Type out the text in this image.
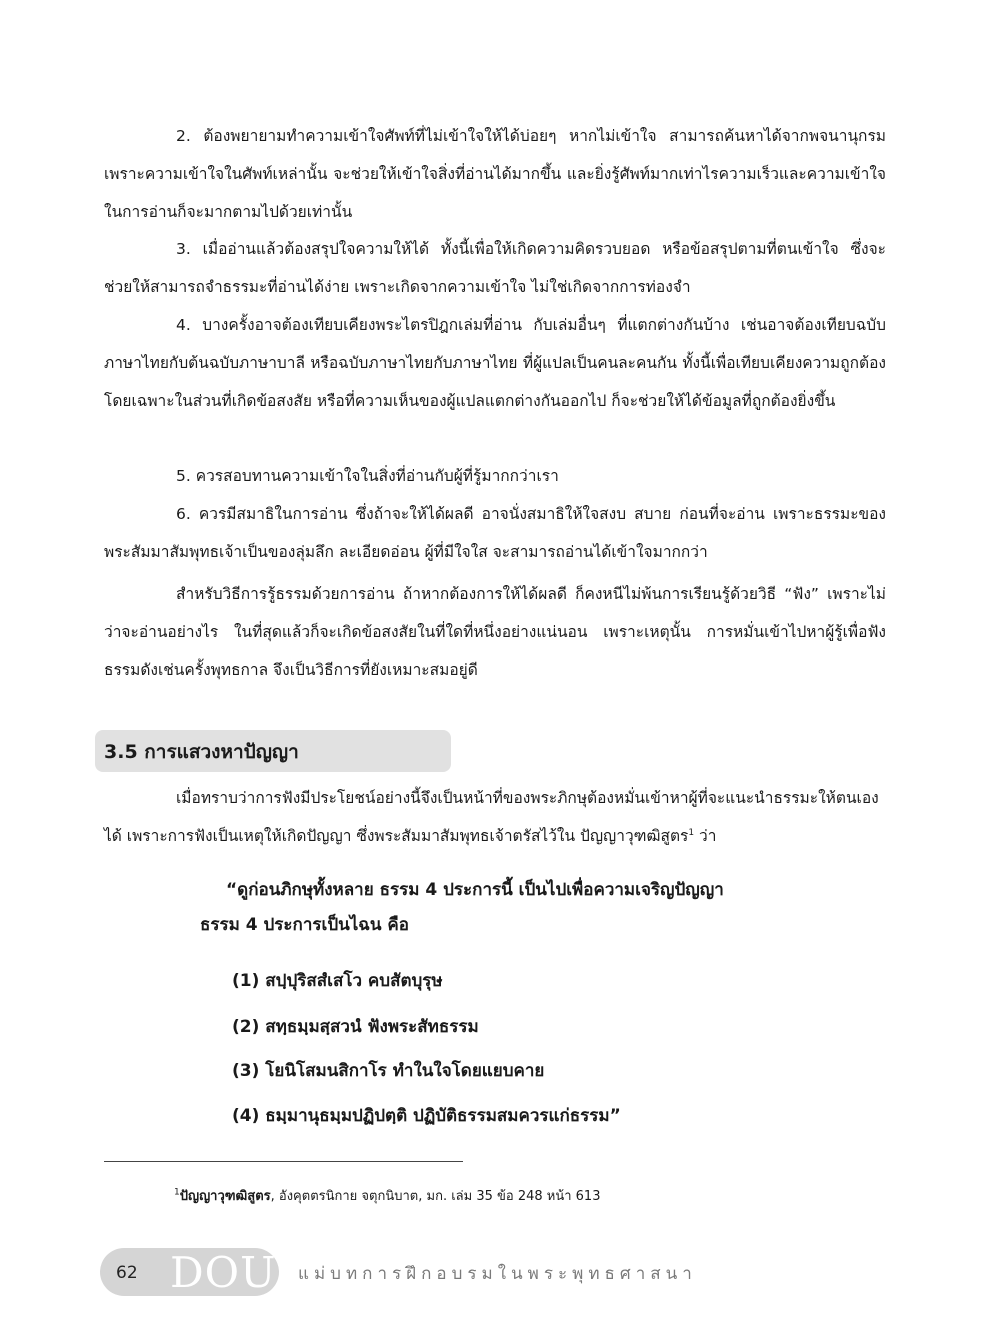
2. ต้องพยายามทำความเข้าใจศัพท์ที่ไม่เข้าใจให้ได้บ่อยๆ หากไม่เข้าใจ สามารถค้นหาได้จากพจนานุกรม เพราะความเข้าใจในศัพท์เหล่านั้น จะช่วยให้เข้าใจสิ่งที่อ่านได้มากขึ้น และยิ่งรู้ศัพท์มากเท่าไรความเร็วและความเข้าใจในการอ่านก็จะมากตามไปด้วยเท่านั้น

3. เมื่ออ่านแล้วต้องสรุปใจความให้ได้ ทั้งนี้เพื่อให้เกิดความคิดรวบยอด หรือข้อสรุปตามที่ตนเข้าใจ ซึ่งจะช่วยให้สามารถจำธรรมะที่อ่านได้ง่าย เพราะเกิดจากความเข้าใจ ไม่ใช่เกิดจากการท่องจำ

4. บางครั้งอาจต้องเทียบเคียงพระไตรปิฎกเล่มที่อ่าน กับเล่มอื่นๆ ที่แตกต่างกันบ้าง เช่นอาจต้องเทียบฉบับภาษาไทยกับต้นฉบับภาษาบาลี หรือฉบับภาษาไทยกับภาษาไทย ที่ผู้แปลเป็นคนละคนกัน ทั้งนี้เพื่อเทียบเคียงความถูกต้อง โดยเฉพาะในส่วนที่เกิดข้อสงสัย หรือที่ความเห็นของผู้แปลแตกต่างกันออกไป ก็จะช่วยให้ได้ข้อมูลที่ถูกต้องยิ่งขึ้น

5. ควรสอบทานความเข้าใจในสิ่งที่อ่านกับผู้ที่รู้มากกว่าเรา

6. ควรมีสมาธิในการอ่าน ซึ่งถ้าจะให้ได้ผลดี อาจนั่งสมาธิให้ใจสงบ สบาย ก่อนที่จะอ่าน เพราะธรรมะของพระสัมมาสัมพุทธเจ้าเป็นของลุ่มลึก ละเอียดอ่อน ผู้ที่มีใจใส จะสามารถอ่านได้เข้าใจมากกว่า

สำหรับวิธีการรู้ธรรมด้วยการอ่าน ถ้าหากต้องการให้ได้ผลดี ก็คงหนีไม่พ้นการเรียนรู้ด้วยวิธี “ฟัง” เพราะไม่ว่าจะอ่านอย่างไร ในที่สุดแล้วก็จะเกิดข้อสงสัยในที่ใดที่หนึ่งอย่างแน่นอน เพราะเหตุนั้น การหมั่นเข้าไปหาผู้รู้เพื่อฟังธรรมดังเช่นครั้งพุทธกาล จึงเป็นวิธีการที่ยังเหมาะสมอยู่ดี

3.5 การแสวงหาปัญญา

เมื่อทราบว่าการฟังมีประโยชน์อย่างนี้จึงเป็นหน้าที่ของพระภิกษุต้องหมั่นเข้าหาผู้ที่จะแนะนำธรรมะให้ตนเองได้ เพราะการฟังเป็นเหตุให้เกิดปัญญา ซึ่งพระสัมมาสัมพุทธเจ้าตรัสไว้ใน ปัญญาวุฑฒิสูตร$^1$ ว่า

“ดูก่อนภิกษุทั้งหลาย ธรรม 4 ประการนี้ เป็นไปเพื่อความเจริญปัญญา

ธรรม 4 ประการเป็นไฉน คือ

(1) สปฺปุริสสํเสโว คบสัตบุรุษ
(2) สทฺธมฺมสฺสวนํ ฟังพระสัทธรรม
(3) โยนิโสมนสิกาโร ทำในใจโดยแยบคาย
(4) ธมฺมานุธมฺมปฏิปตฺติ ปฏิบัติธรรมสมควรแก่ธรรม”
$^1$ปัญญาวุฑฒิสูตร, อังคุตตรนิกาย จตุกนิบาต, มก. เล่ม 35 ข้อ 248 หน้า 613
62 DOU แม่บทการฝึกอบรมในพระพุทธศาสนา
